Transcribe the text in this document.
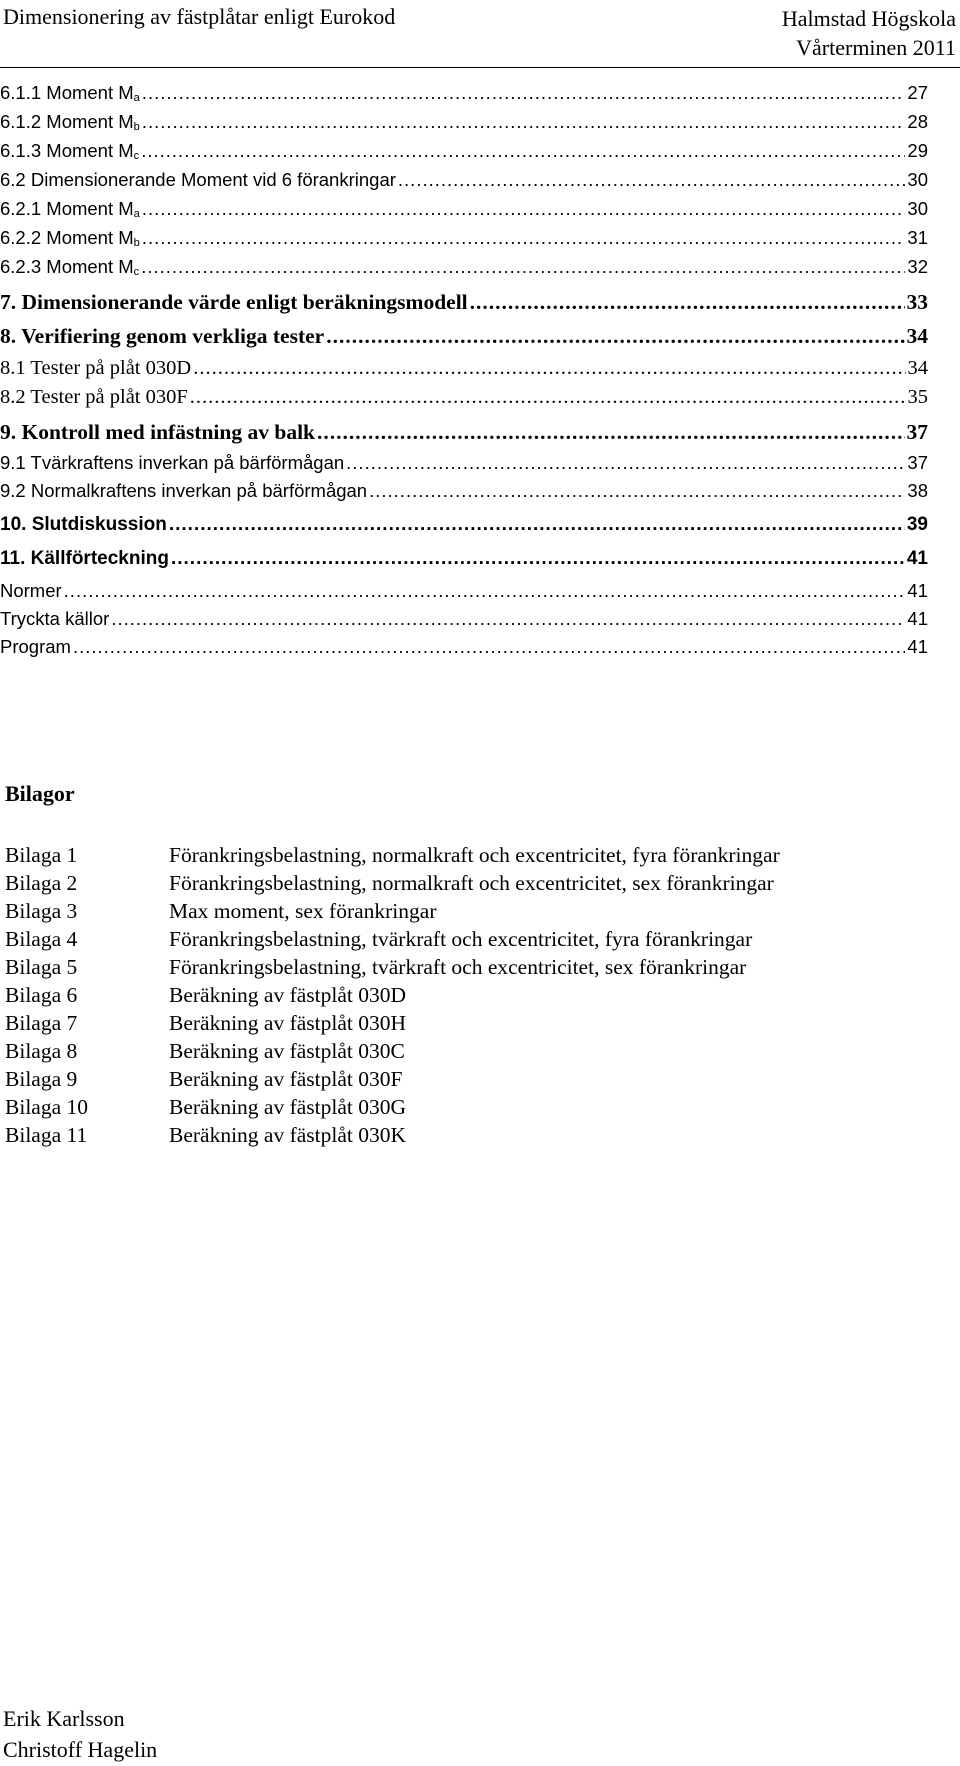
Dimensionering av fästplåtar enligt Eurokod	Halmstad Högskola
Vårterminen 2011
6.1.1 Moment $M_a$ .....	27
6.1.2 Moment $M_b$ .....	28
6.1.3 Moment $M_c$ .....	29
6.2 Dimensionerande Moment vid 6 förankringar .....	30
6.2.1 Moment $M_a$ .....	30
6.2.2 Moment $M_b$ .....	31
6.2.3 Moment $M_c$ .....	32
7. Dimensionerande värde enligt beräkningsmodell .....	33
8. Verifiering genom verkliga tester .....	34
8.1 Tester på plåt 030D .....	34
8.2 Tester på plåt 030F .....	35
9. Kontroll med infästning av balk .....	37
9.1 Tvärkraftens inverkan på bärförmågan .....	37
9.2 Normalkraftens inverkan på bärförmågan .....	38
10. Slutdiskussion .....	39
11. Källförteckning .....	41
Normer .....	41
Tryckta källor .....	41
Program .....	41
Bilagor
Bilaga 1	Förankringsbelastning, normalkraft och excentricitet, fyra förankringar
Bilaga 2	Förankringsbelastning, normalkraft och excentricitet, sex förankringar
Bilaga 3	Max moment, sex förankringar
Bilaga 4	Förankringsbelastning, tvärkraft och excentricitet, fyra förankringar
Bilaga 5	Förankringsbelastning, tvärkraft och excentricitet, sex förankringar
Bilaga 6	Beräkning av fästplåt 030D
Bilaga 7	Beräkning av fästplåt 030H
Bilaga 8	Beräkning av fästplåt 030C
Bilaga 9	Beräkning av fästplåt 030F
Bilaga 10	Beräkning av fästplåt 030G
Bilaga 11	Beräkning av fästplåt 030K
Erik Karlsson
Christoff Hagelin
